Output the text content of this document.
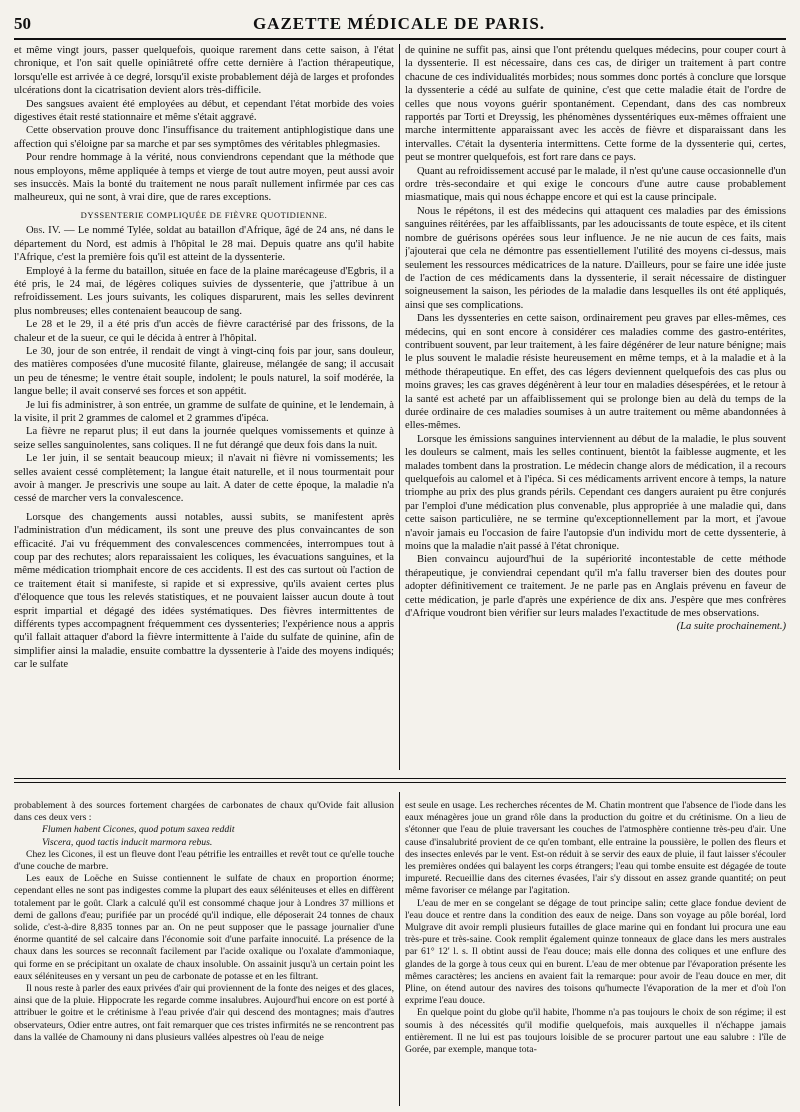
50	GAZETTE MÉDICALE DE PARIS.

et même vingt jours, passer quelquefois, quoique rarement dans cette saison, à l'état chronique, et l'on sait quelle opiniâtreté offre cette dernière à l'action thérapeutique, lorsqu'elle est arrivée à ce degré, lorsqu'il existe probablement déjà de larges et profondes ulcérations dont la cicatrisation devient alors très-difficile.

Des sangsues avaient été employées au début, et cependant l'état morbide des voies digestives était resté stationnaire et même s'était aggravé.

Cette observation prouve donc l'insuffisance du traitement antiphlogistique dans une affection qui s'éloigne par sa marche et par ses symptômes des véritables phlegmasies.

Pour rendre hommage à la vérité, nous conviendrons cependant que la méthode que nous employons, même appliquée à temps et vierge de tout autre moyen, peut aussi avoir ses insuccès. Mais la bonté du traitement ne nous paraît nullement infirmée par ces cas malheureux, qui ne sont, à vrai dire, que de rares exceptions.

DYSSENTERIE COMPLIQUÉE DE FIÈVRE QUOTIDIENNE.

Obs. IV. — Le nommé Tylée, soldat au bataillon d'Afrique, âgé de 24 ans, né dans le département du Nord, est admis à l'hôpital le 28 mai. Depuis quatre ans qu'il habite l'Afrique, c'est la première fois qu'il est atteint de la dyssenterie.

Employé à la ferme du bataillon, située en face de la plaine marécageuse d'Egbris, il a été pris, le 24 mai, de légères coliques suivies de dyssenterie, que j'attribue à un refroidissement. Les jours suivants, les coliques disparurent, mais les selles devinrent plus nombreuses; elles contenaient beaucoup de sang.

Le 28 et le 29, il a été pris d'un accès de fièvre caractérisé par des frissons, de la chaleur et de la sueur, ce qui le décida à entrer à l'hôpital.

Le 30, jour de son entrée, il rendait de vingt à vingt-cinq fois par jour, sans douleur, des matières composées d'une mucosité filante, glaireuse, mélangée de sang; il accusait un peu de ténesme; le ventre était souple, indolent; le pouls naturel, la soif modérée, la langue belle; il avait conservé ses forces et son appétit.

Je lui fis administrer, à son entrée, un gramme de sulfate de quinine, et le lendemain, à la visite, il prit 2 grammes de calomel et 2 grammes d'ipéca.

La fièvre ne reparut plus; il eut dans la journée quelques vomissements et quinze à seize selles sanguinolentes, sans coliques. Il ne fut dérangé que deux fois dans la nuit.

Le 1er juin, il se sentait beaucoup mieux; il n'avait ni fièvre ni vomissements; les selles avaient cessé complètement; la langue était naturelle, et il nous tourmentait pour avoir à manger. Je prescrivis une soupe au lait. A dater de cette époque, la maladie n'a cessé de marcher vers la convalescence.

Lorsque des changements aussi notables, aussi subits, se manifestent après l'administration d'un médicament, ils sont une preuve des plus convaincantes de son efficacité. J'ai vu fréquemment des convalescences commencées, interrompues tout à coup par des rechutes; alors reparaissaient les coliques, les évacuations sanguines, et la même médication triomphait encore de ces accidents. Il est des cas surtout où l'action de ce traitement était si manifeste, si rapide et si expressive, qu'ils avaient certes plus d'éloquence que tous les relevés statistiques, et ne pouvaient laisser aucun doute à tout esprit impartial et dégagé des idées systématiques. Des fièvres intermittentes de différents types accompagnent fréquemment ces dyssenteries; l'expérience nous a appris qu'il fallait attaquer d'abord la fièvre intermittente à l'aide du sulfate de quinine, afin de simplifier ainsi la maladie, ensuite combattre la dyssenterie à l'aide des moyens indiqués; car le sulfate

de quinine ne suffit pas, ainsi que l'ont prétendu quelques médecins, pour couper court à la dyssenterie. Il est nécessaire, dans ces cas, de diriger un traitement à part contre chacune de ces individualités morbides; nous sommes donc portés à conclure que lorsque la dyssenterie a cédé au sulfate de quinine, c'est que cette maladie était de l'ordre de celles que nous voyons guérir spontanément. Cependant, dans des cas nombreux rapportés par Torti et Dreyssig, les phénomènes dyssentériques eux-mêmes offraient une marche intermittente apparaissant avec les accès de fièvre et disparaissant dans les intervalles. C'était la dysenteria intermittens. Cette forme de la dyssenterie qui, certes, peut se montrer quelquefois, est fort rare dans ce pays.

Quant au refroidissement accusé par le malade, il n'est qu'une cause occasionnelle d'un ordre très-secondaire et qui exige le concours d'une autre cause probablement miasmatique, mais qui nous échappe encore et qui est la cause principale.

Nous le répétons, il est des médecins qui attaquent ces maladies par des émissions sanguines réitérées, par les affaiblissants, par les adoucissants de toute espèce, et ils citent nombre de guérisons opérées sous leur influence. Je ne nie aucun de ces faits, mais j'ajouterai que cela ne démontre pas essentiellement l'utilité des moyens ci-dessus, mais seulement les ressources médicatrices de la nature. D'ailleurs, pour se faire une idée juste de l'action de ces médicaments dans la dyssenterie, il serait nécessaire de distinguer soigneusement la saison, les périodes de la maladie dans lesquelles ils ont été appliqués, ainsi que ses complications.

Dans les dyssenteries en cette saison, ordinairement peu graves par elles-mêmes, ces médecins, qui en sont encore à considérer ces maladies comme des gastro-entérites, contribuent souvent, par leur traitement, à les faire dégénérer de leur nature bénigne; mais le plus souvent le maladie résiste heureusement en même temps, et à la maladie et à la méthode thérapeutique. En effet, des cas légers deviennent quelquefois des cas plus ou moins graves; les cas graves dégénèrent à leur tour en maladies désespérées, et le retour à la santé est acheté par un affaiblissement qui se prolonge bien au delà du temps de la durée ordinaire de ces maladies soumises à un autre traitement ou même abandonnées à elles-mêmes.

Lorsque les émissions sanguines interviennent au début de la maladie, le plus souvent les douleurs se calment, mais les selles continuent, bientôt la faiblesse augmente, et les malades tombent dans la prostration. Le médecin change alors de médication, il a recours quelquefois au calomel et à l'ipéca. Si ces médicaments arrivent encore à temps, la nature triomphe au prix des plus grands périls. Cependant ces dangers auraient pu être conjurés par l'emploi d'une médication plus convenable, plus appropriée à une maladie qui, dans cette saison particulière, ne se termine qu'exceptionnellement par la mort, et j'avoue n'avoir jamais eu l'occasion de faire l'autopsie d'un individu mort de cette dyssenterie, à moins que la maladie n'ait passé à l'état chronique.

Bien convaincu aujourd'hui de la supériorité incontestable de cette méthode thérapeutique, je conviendrai cependant qu'il m'a fallu traverser bien des doutes pour adopter définitivement ce traitement. Je ne parle pas en Anglais prévenu en faveur de cette médication, je parle d'après une expérience de dix ans. J'espère que mes confrères d'Afrique voudront bien vérifier sur leurs malades l'exactitude de mes observations.

(La suite prochainement.)

probablement à des sources fortement chargées de carbonates de chaux qu'Ovide fait allusion dans ces deux vers :

Flumen habent Cicones, quod potum saxea reddit
Viscera, quod tactis inducit marmora rebus.

Chez les Cicones, il est un fleuve dont l'eau pétrifie les entrailles et revêt tout ce qu'elle touche d'une couche de marbre.

Les eaux de Loëche en Suisse contiennent le sulfate de chaux en proportion énorme; cependant elles ne sont pas indigestes comme la plupart des eaux séléniteuses et elles en diffèrent totalement par le goût. Clark a calculé qu'il est consommé chaque jour à Londres 37 millions et demi de gallons d'eau; purifiée par un procédé qu'il indique, elle déposerait 24 tonnes de chaux solide, c'est-à-dire 8,835 tonnes par an. On ne peut supposer que le passage journalier d'une énorme quantité de sel calcaire dans l'économie soit d'une parfaite innocuité. La présence de la chaux dans les sources se reconnaît facilement par l'acide oxalique ou l'oxalate d'ammoniaque, qui forme en se précipitant un oxalate de chaux insoluble. On assainit jusqu'à un certain point les eaux séléniteuses en y versant un peu de carbonate de potasse et en les filtrant.

Il nous reste à parler des eaux privées d'air qui proviennent de la fonte des neiges et des glaces, ainsi que de la pluie. Hippocrate les regarde comme insalubres. Aujourd'hui encore on est porté à attribuer le goitre et le crétinisme à l'eau privée d'air qui descend des montagnes; mais d'autres observateurs, Odier entre autres, ont fait remarquer que ces tristes infirmités ne se rencontrent pas dans la vallée de Chamouny ni dans plusieurs vallées alpestres où l'eau de neige

est seule en usage. Les recherches récentes de M. Chatin montrent que l'absence de l'iode dans les eaux ménagères joue un grand rôle dans la production du goitre et du crétinisme. On a lieu de s'étonner que l'eau de pluie traversant les couches de l'atmosphère contienne très-peu d'air. Une cause d'insalubrité provient de ce qu'en tombant, elle entraine la poussière, le pollen des fleurs et des insectes enlevés par le vent. Est-on réduit à se servir des eaux de pluie, il faut laisser s'écouler les premières ondées qui balayent les corps étrangers; l'eau qui tombe ensuite est dégagée de toute impureté. Recueillie dans des citernes évasées, l'air s'y dissout en assez grande quantité; on peut même favoriser ce mélange par l'agitation.

L'eau de mer en se congelant se dégage de tout principe salin; cette glace fondue devient de l'eau douce et rentre dans la condition des eaux de neige. Dans son voyage au pôle boréal, lord Mulgrave dit avoir rempli plusieurs futailles de glace marine qui en fondant lui procura une eau très-pure et très-saine. Cook remplit également quinze tonneaux de glace dans les mers australes par 61° 12' l. s. Il obtint aussi de l'eau douce; mais elle donna des coliques et une enflure des glandes de la gorge à tous ceux qui en burent. L'eau de mer obtenue par l'évaporation présente les mêmes caractères; les anciens en avaient fait la remarque: pour avoir de l'eau douce en mer, dit Pline, on étend autour des navires des toisons qu'humecte l'évaporation de la mer et d'où l'on exprime l'eau douce.

En quelque point du globe qu'il habite, l'homme n'a pas toujours le choix de son régime; il est soumis à des nécessités qu'il modifie quelquefois, mais auxquelles il n'échappe jamais entièrement. Il ne lui est pas toujours loisible de se procurer partout une eau salubre : l'île de Gorée, par exemple, manque tota-
